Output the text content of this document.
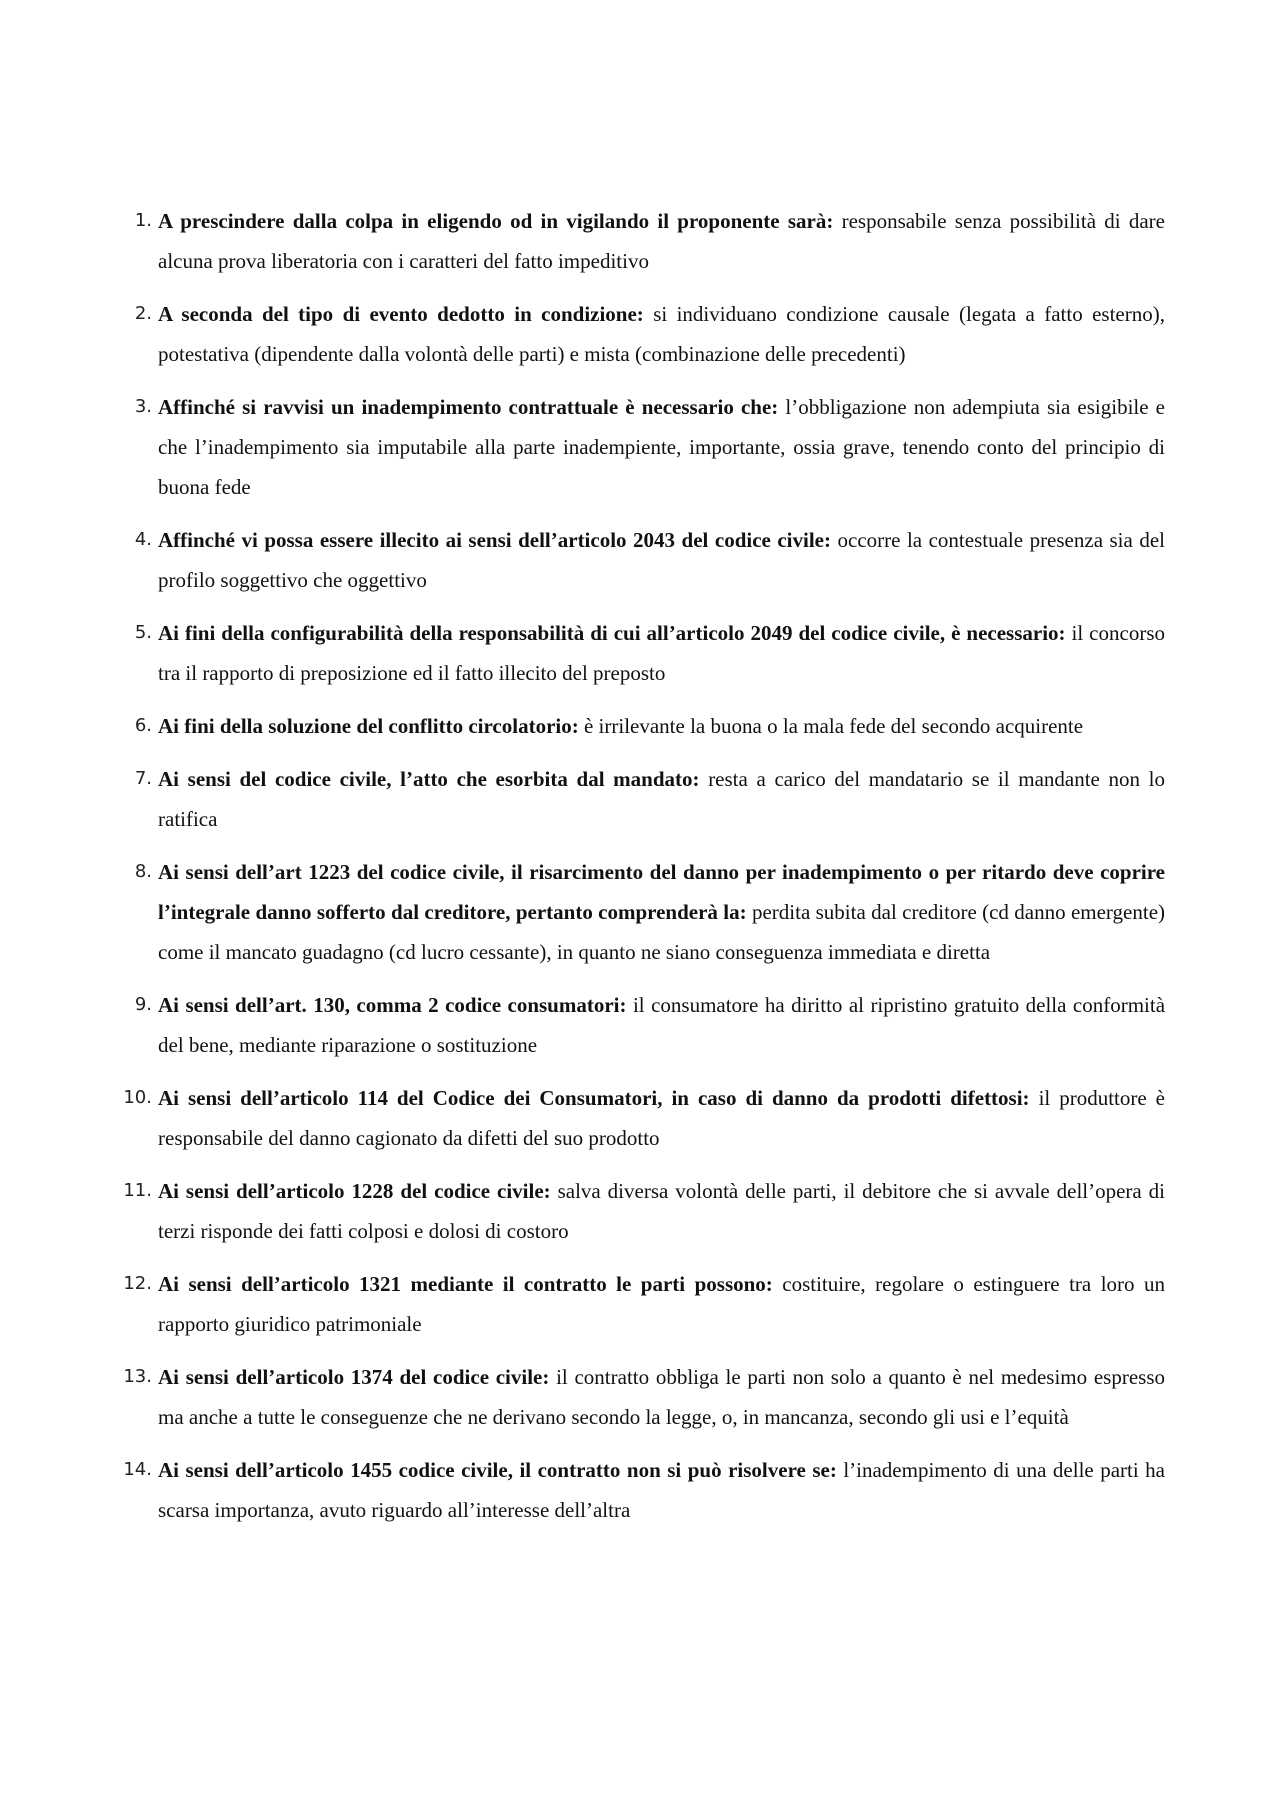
1. A prescindere dalla colpa in eligendo od in vigilando il proponente sarà: responsabile senza possibilità di dare alcuna prova liberatoria con i caratteri del fatto impeditivo
2. A seconda del tipo di evento dedotto in condizione: si individuano condizione causale (legata a fatto esterno), potestativa (dipendente dalla volontà delle parti) e mista (combinazione delle precedenti)
3. Affinché si ravvisi un inadempimento contrattuale è necessario che: l’obbligazione non adempiuta sia esigibile e che l’inadempimento sia imputabile alla parte inadempiente, importante, ossia grave, tenendo conto del principio di buona fede
4. Affinché vi possa essere illecito ai sensi dell’articolo 2043 del codice civile: occorre la contestuale presenza sia del profilo soggettivo che oggettivo
5. Ai fini della configurabilità della responsabilità di cui all’articolo 2049 del codice civile, è necessario: il concorso tra il rapporto di preposizione ed il fatto illecito del preposto
6. Ai fini della soluzione del conflitto circolatorio: è irrilevante la buona o la mala fede del secondo acquirente
7. Ai sensi del codice civile, l’atto che esorbita dal mandato: resta a carico del mandatario se il mandante non lo ratifica
8. Ai sensi dell’art 1223 del codice civile, il risarcimento del danno per inadempimento o per ritardo deve coprire l’integrale danno sofferto dal creditore, pertanto comprenderà la: perdita subita dal creditore (cd danno emergente) come il mancato guadagno (cd lucro cessante), in quanto ne siano conseguenza immediata e diretta
9. Ai sensi dell’art. 130, comma 2 codice consumatori: il consumatore ha diritto al ripristino gratuito della conformità del bene, mediante riparazione o sostituzione
10. Ai sensi dell’articolo 114 del Codice dei Consumatori, in caso di danno da prodotti difettosi: il produttore è responsabile del danno cagionato da difetti del suo prodotto
11. Ai sensi dell’articolo 1228 del codice civile: salva diversa volontà delle parti, il debitore che si avvale dell’opera di terzi risponde dei fatti colposi e dolosi di costoro
12. Ai sensi dell’articolo 1321 mediante il contratto le parti possono: costituire, regolare o estinguere tra loro un rapporto giuridico patrimoniale
13. Ai sensi dell’articolo 1374 del codice civile: il contratto obbliga le parti non solo a quanto è nel medesimo espresso ma anche a tutte le conseguenze che ne derivano secondo la legge, o, in mancanza, secondo gli usi e l’equità
14. Ai sensi dell’articolo 1455 codice civile, il contratto non si può risolvere se: l’inadempimento di una delle parti ha scarsa importanza, avuto riguardo all’interesse dell’altra
